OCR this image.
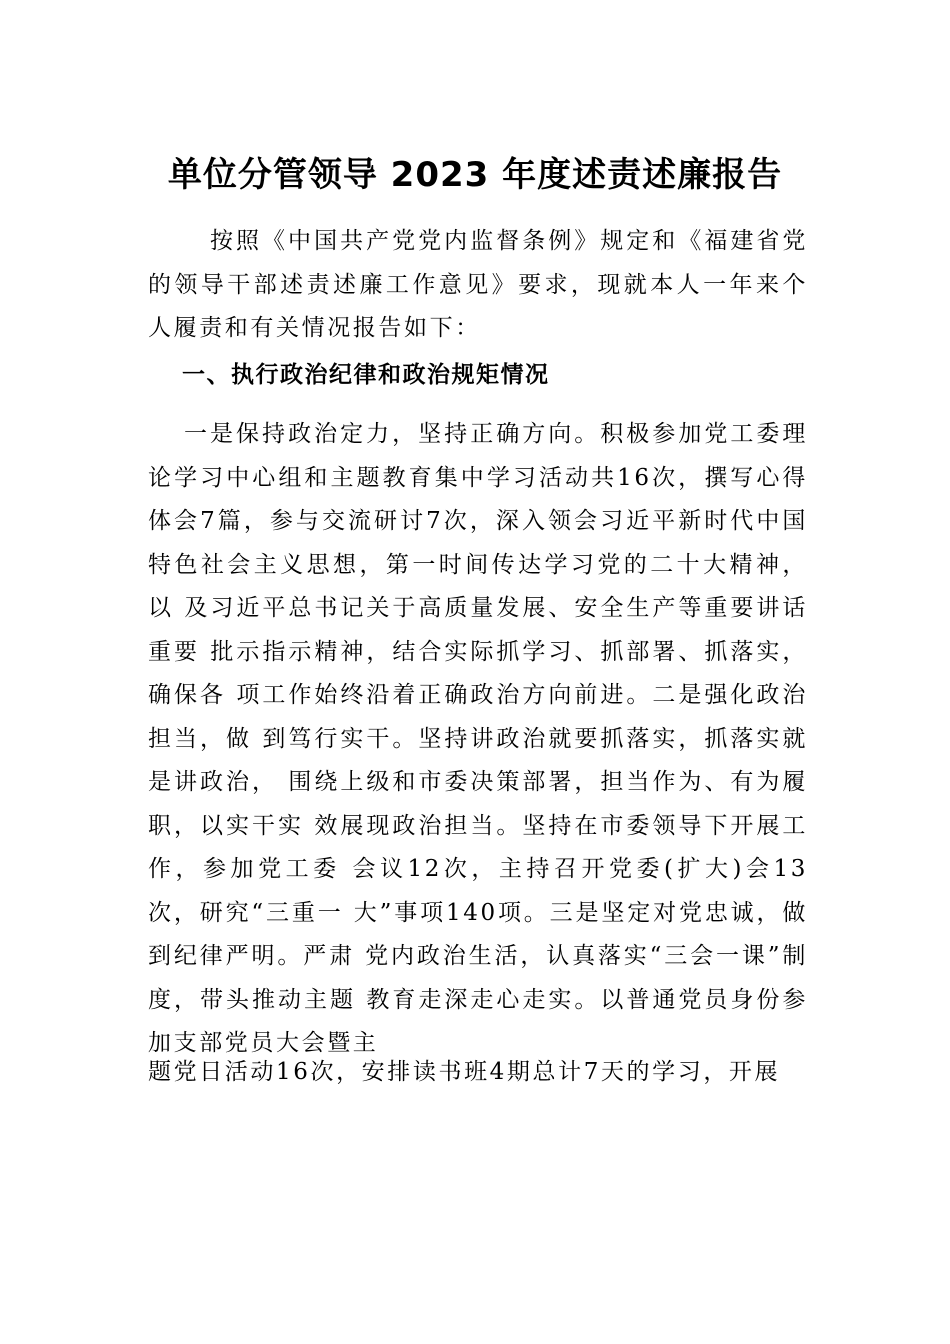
单位分管领导 2023 年度述责述廉报告

按照《中国共产党党内监督条例》规定和《福建省党的领导干部述责述廉工作意见》要求，现就本人一年来个人履责和有关情况报告如下：

一、执行政治纪律和政治规矩情况

一是保持政治定力，坚持正确方向。积极参加党工委理论学习中心组和主题教育集中学习活动共16次，撰写心得体会7篇，参与交流研讨7次，深入领会习近平新时代中国 特色社会主义思想，第一时间传达学习党的二十大精神，以 及习近平总书记关于高质量发展、安全生产等重要讲话重要 批示指示精神，结合实际抓学习、抓部署、抓落实，确保各 项工作始终沿着正确政治方向前进。二是强化政治担当，做 到笃行实干。坚持讲政治就要抓落实，抓落实就是讲政治， 围绕上级和市委决策部署，担当作为、有为履职，以实干实 效展现政治担当。坚持在市委领导下开展工作，参加党工委 会议12次，主持召开党委(扩大)会13次，研究“三重一 大”事项140项。三是坚定对党忠诚，做到纪律严明。严肃 党内政治生活，认真落实“三会一课”制度，带头推动主题 教育走深走心走实。以普通党员身份参加支部党员大会暨主

题党日活动16次，安排读书班4期总计7天的学习，开展
